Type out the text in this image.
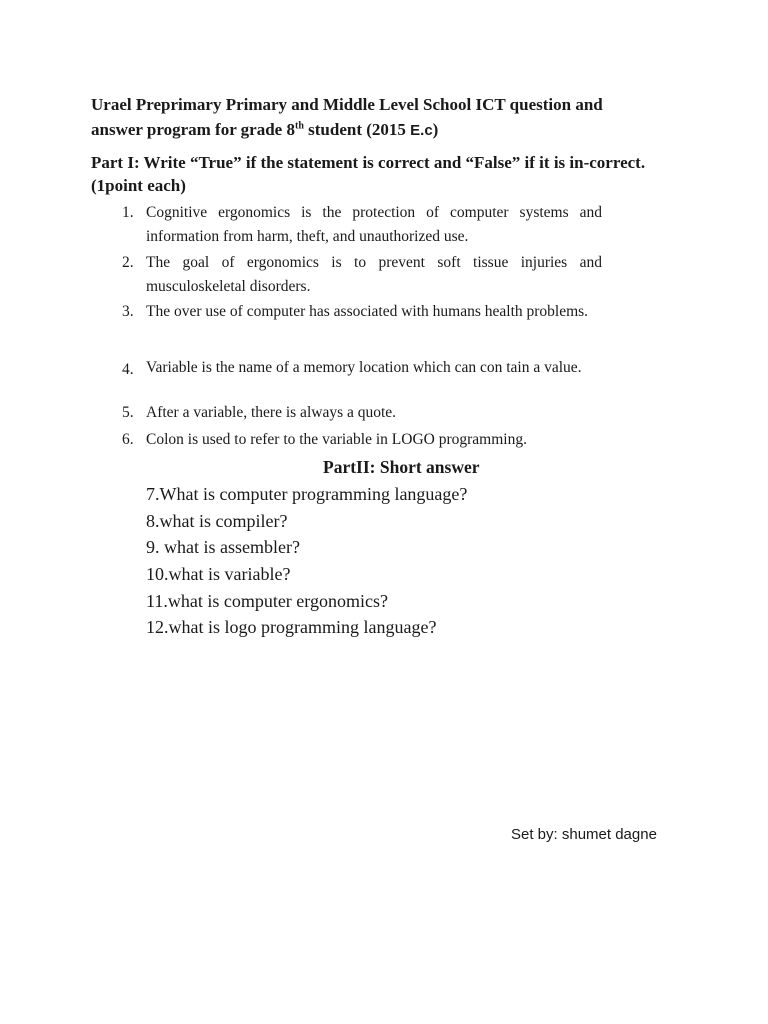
Urael Preprimary Primary and Middle Level School ICT question and
answer program for grade 8th student (2015 E.c)
Part I: Write “True” if the statement is correct and “False” if it is in-correct.(1point each)
1. Cognitive ergonomics is the protection of computer systems and information from harm, theft, and unauthorized use.
2. The goal of ergonomics is to prevent soft tissue injuries and musculoskeletal disorders.
3. The over use of computer has associated with humans health problems.
4. Variable is the name of a memory location which can con tain a value.
5. After a variable, there is always a quote.
6. Colon is used to refer to the variable in LOGO programming.
PartII: Short answer
7.What is computer programming language?
8.what is compiler?
9. what is assembler?
10.what is variable?
11.what is computer ergonomics?
12.what is logo programming language?
Set by: shumet dagne
